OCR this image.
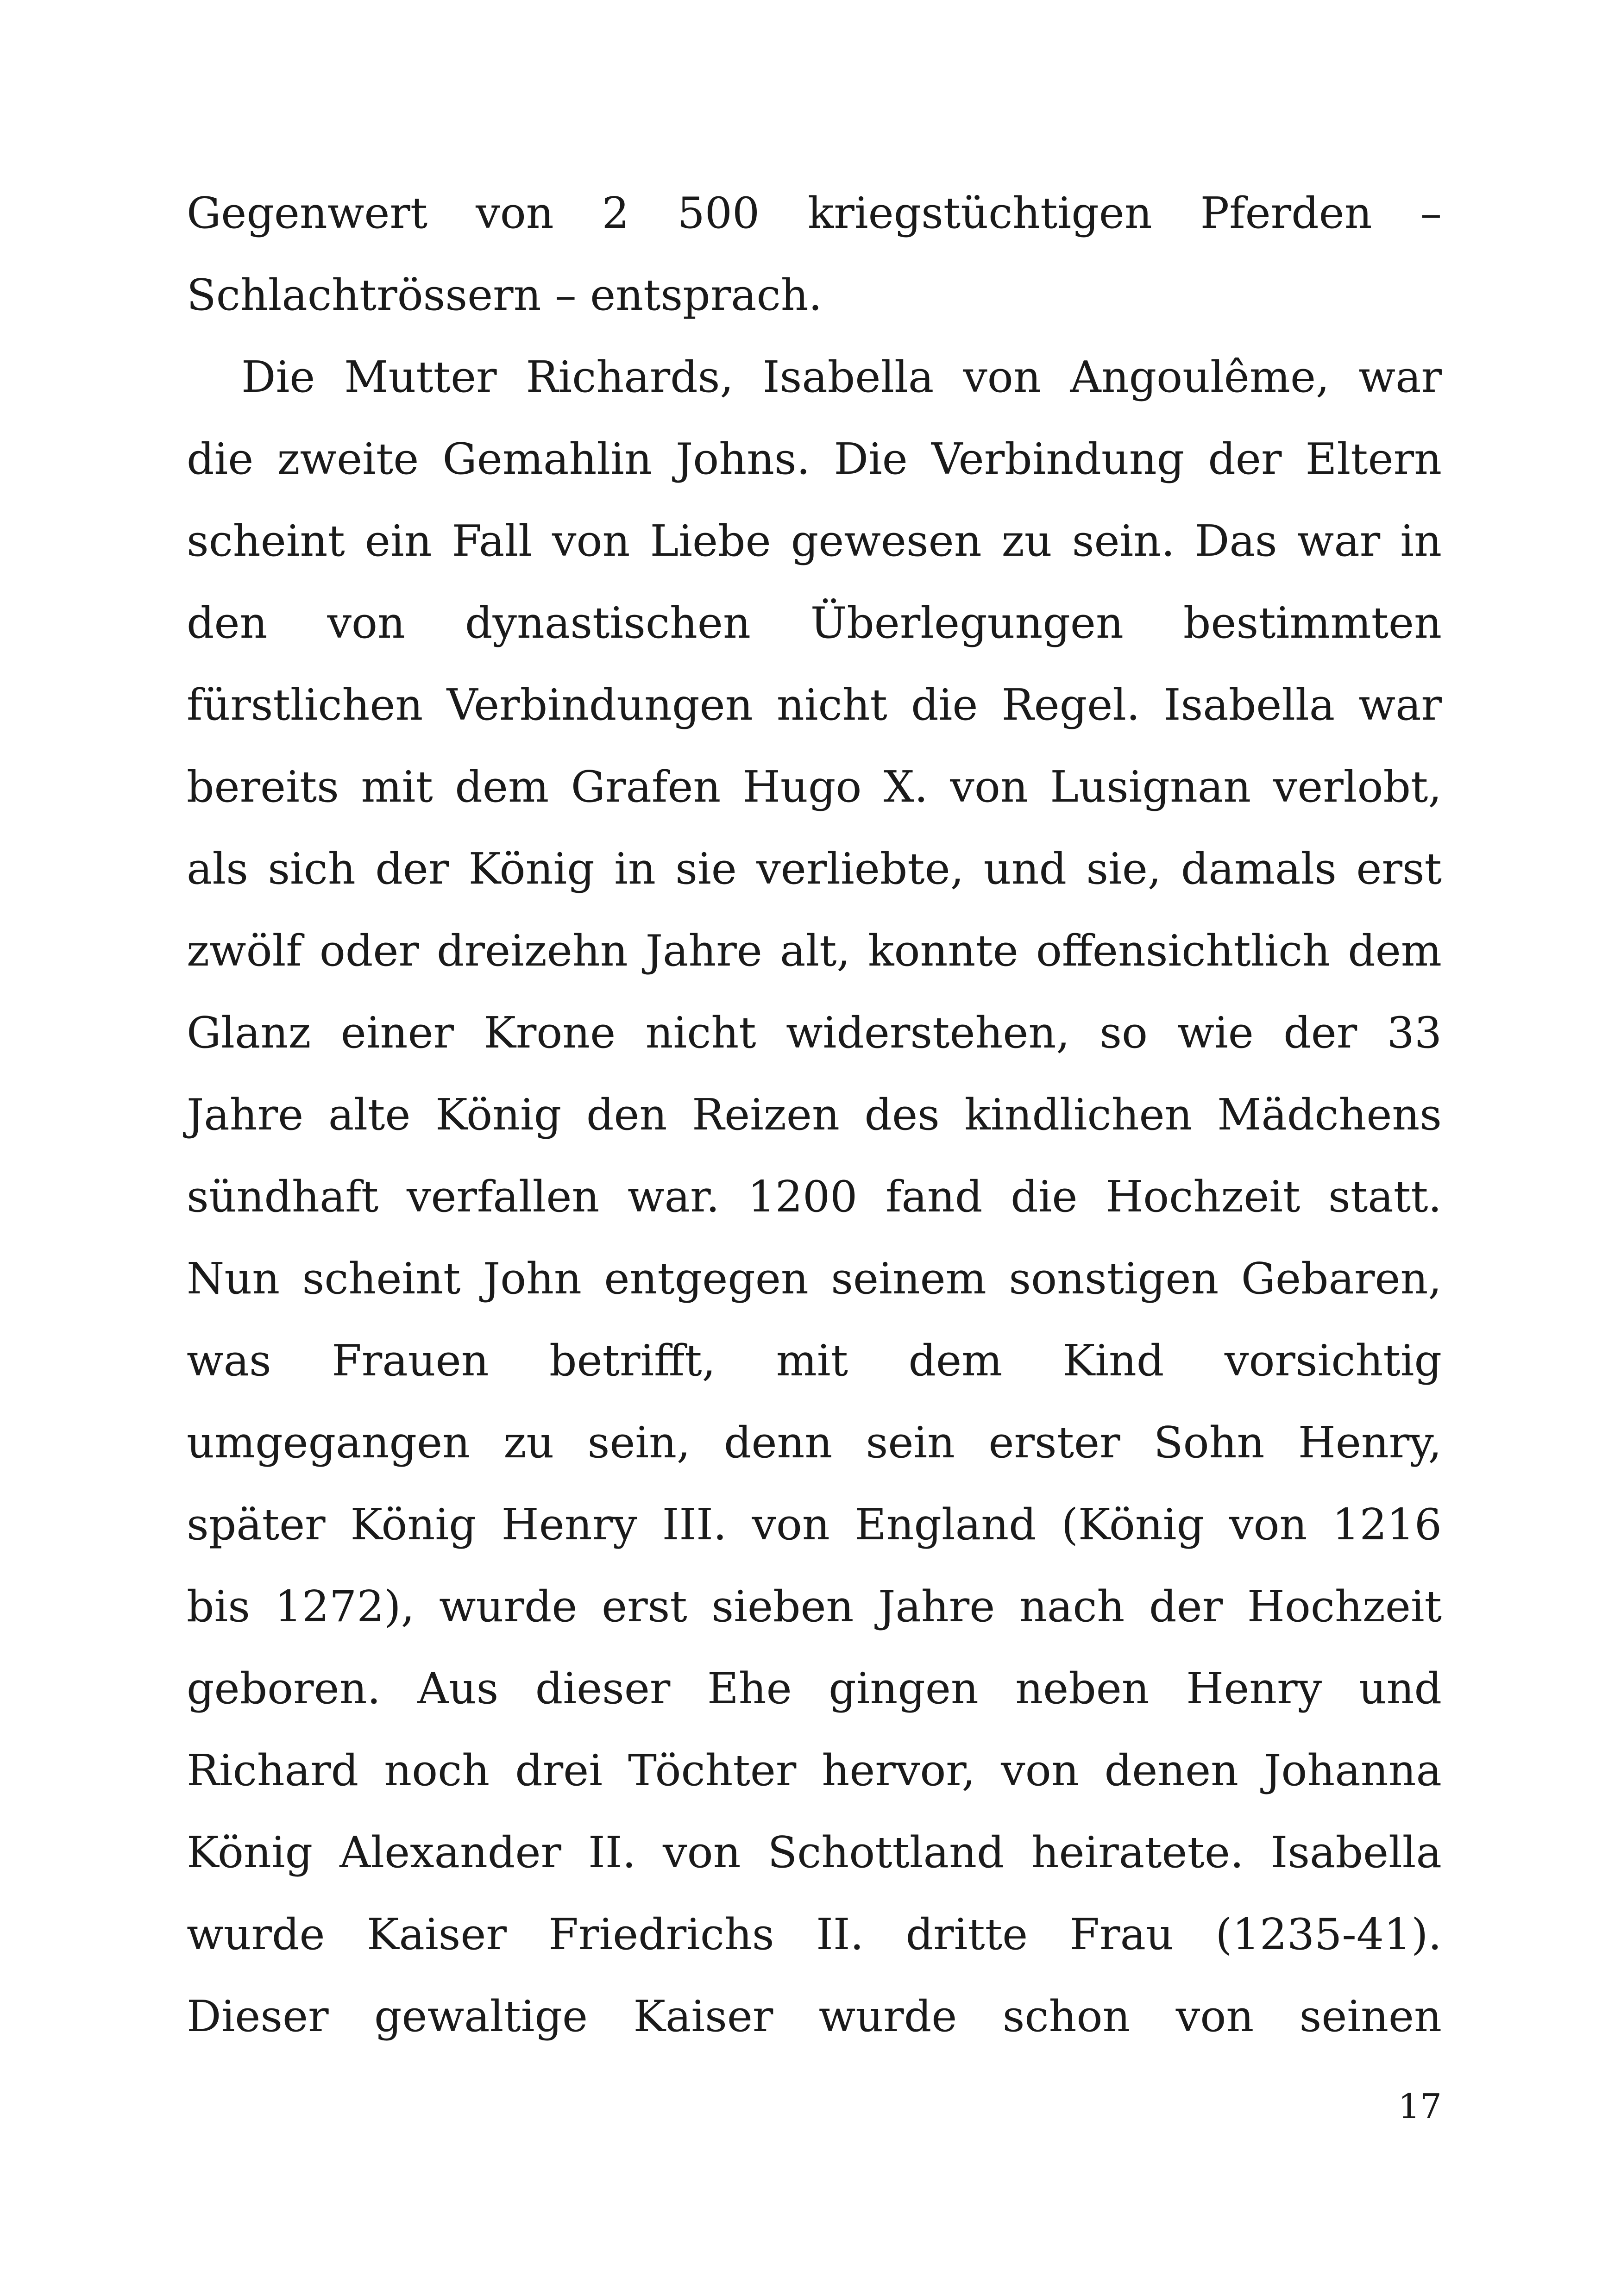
Gegenwert von 2 500 kriegstüchtigen Pferden –
Schlachtrössern – entsprach.
Die Mutter Richards, Isabella von Angoulême, war
die zweite Gemahlin Johns. Die Verbindung der Eltern
scheint ein Fall von Liebe gewesen zu sein. Das war in
den von dynastischen Überlegungen bestimmten
fürstlichen Verbindungen nicht die Regel. Isabella war
bereits mit dem Grafen Hugo X. von Lusignan verlobt,
als sich der König in sie verliebte, und sie, damals erst
zwölf oder dreizehn Jahre alt, konnte offensichtlich dem
Glanz einer Krone nicht widerstehen, so wie der 33
Jahre alte König den Reizen des kindlichen Mädchens
sündhaft verfallen war. 1200 fand die Hochzeit statt.
Nun scheint John entgegen seinem sonstigen Gebaren,
was Frauen betrifft, mit dem Kind vorsichtig
umgegangen zu sein, denn sein erster Sohn Henry,
später König Henry III. von England (König von 1216
bis 1272), wurde erst sieben Jahre nach der Hochzeit
geboren. Aus dieser Ehe gingen neben Henry und
Richard noch drei Töchter hervor, von denen Johanna
König Alexander II. von Schottland heiratete. Isabella
wurde Kaiser Friedrichs II. dritte Frau (1235-41).
Dieser gewaltige Kaiser wurde schon von seinen
17
